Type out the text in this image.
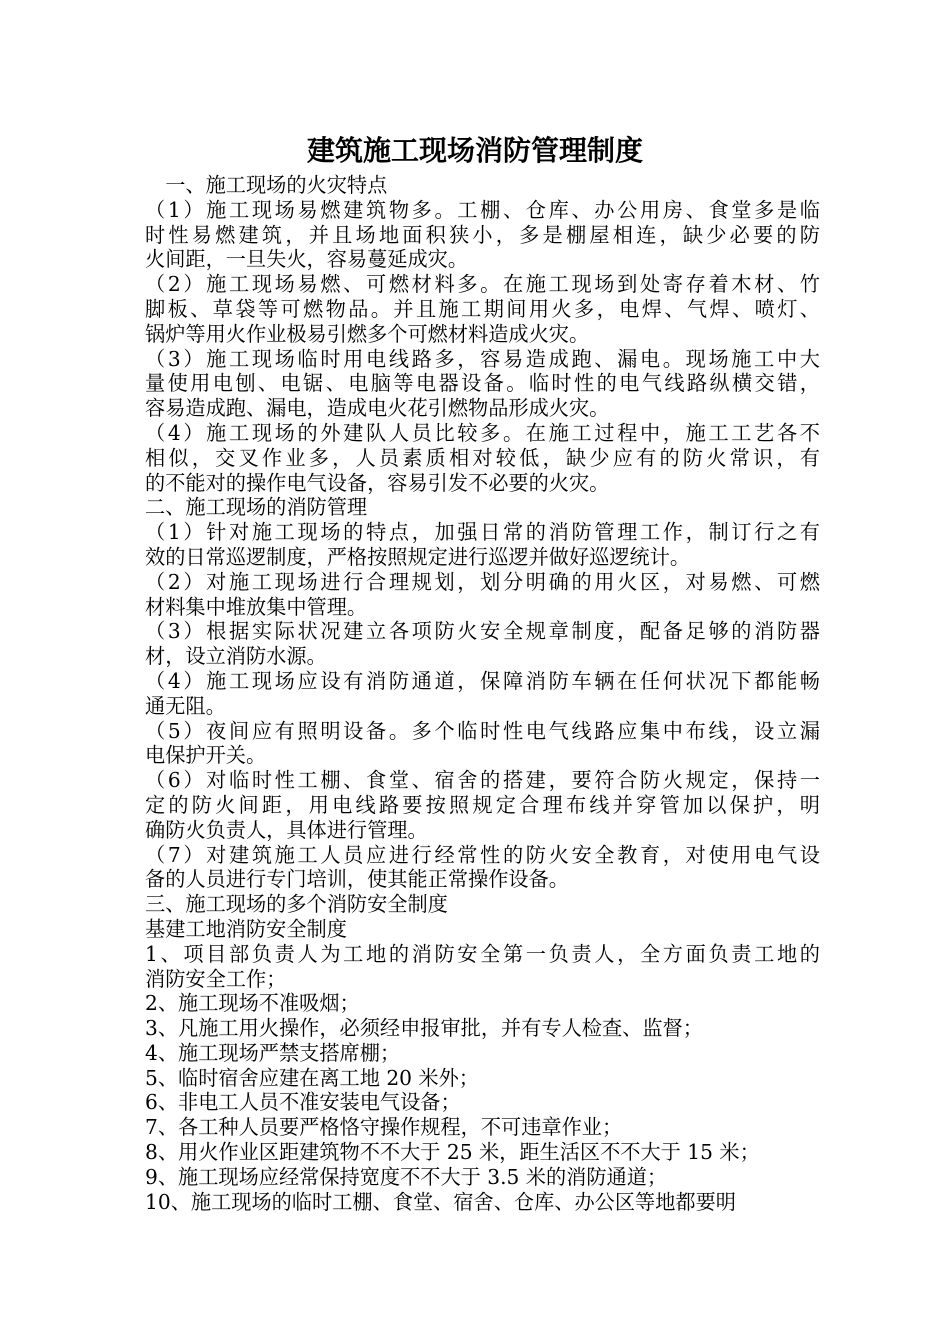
建筑施工现场消防管理制度
　一、施工现场的火灾特点
（1）施工现场易燃建筑物多。工棚、仓库、办公用房、食堂多是临
时性易燃建筑，并且场地面积狭小，多是棚屋相连，缺少必要的防
火间距，一旦失火，容易蔓延成灾。
（2）施工现场易燃、可燃材料多。在施工现场到处寄存着木材、竹
脚板、草袋等可燃物品。并且施工期间用火多，电焊、气焊、喷灯、
锅炉等用火作业极易引燃多个可燃材料造成火灾。
（3）施工现场临时用电线路多，容易造成跑、漏电。现场施工中大
量使用电刨、电锯、电脑等电器设备。临时性的电气线路纵横交错，
容易造成跑、漏电，造成电火花引燃物品形成火灾。
（4）施工现场的外建队人员比较多。在施工过程中，施工工艺各不
相似，交叉作业多，人员素质相对较低，缺少应有的防火常识，有
的不能对的操作电气设备，容易引发不必要的火灾。
二、施工现场的消防管理
（1）针对施工现场的特点，加强日常的消防管理工作，制订行之有
效的日常巡逻制度，严格按照规定进行巡逻并做好巡逻统计。
（2）对施工现场进行合理规划，划分明确的用火区，对易燃、可燃
材料集中堆放集中管理。
（3）根据实际状况建立各项防火安全规章制度，配备足够的消防器
材，设立消防水源。
（4）施工现场应设有消防通道，保障消防车辆在任何状况下都能畅
通无阻。
（5）夜间应有照明设备。多个临时性电气线路应集中布线，设立漏
电保护开关。
（6）对临时性工棚、食堂、宿舍的搭建，要符合防火规定，保持一
定的防火间距，用电线路要按照规定合理布线并穿管加以保护，明
确防火负责人，具体进行管理。
（7）对建筑施工人员应进行经常性的防火安全教育，对使用电气设
备的人员进行专门培训，使其能正常操作设备。
三、施工现场的多个消防安全制度
基建工地消防安全制度
1、项目部负责人为工地的消防安全第一负责人，全方面负责工地的
消防安全工作；
2、施工现场不准吸烟；
3、凡施工用火操作，必须经申报审批，并有专人检查、监督；
4、施工现场严禁支搭席棚；
5、临时宿舍应建在离工地 20 米外；
6、非电工人员不准安装电气设备；
7、各工种人员要严格恪守操作规程，不可违章作业；
8、用火作业区距建筑物不不大于 25 米，距生活区不不大于 15 米；
9、施工现场应经常保持宽度不不大于 3.5 米的消防通道；
10、施工现场的临时工棚、食堂、宿舍、仓库、办公区等地都要明
